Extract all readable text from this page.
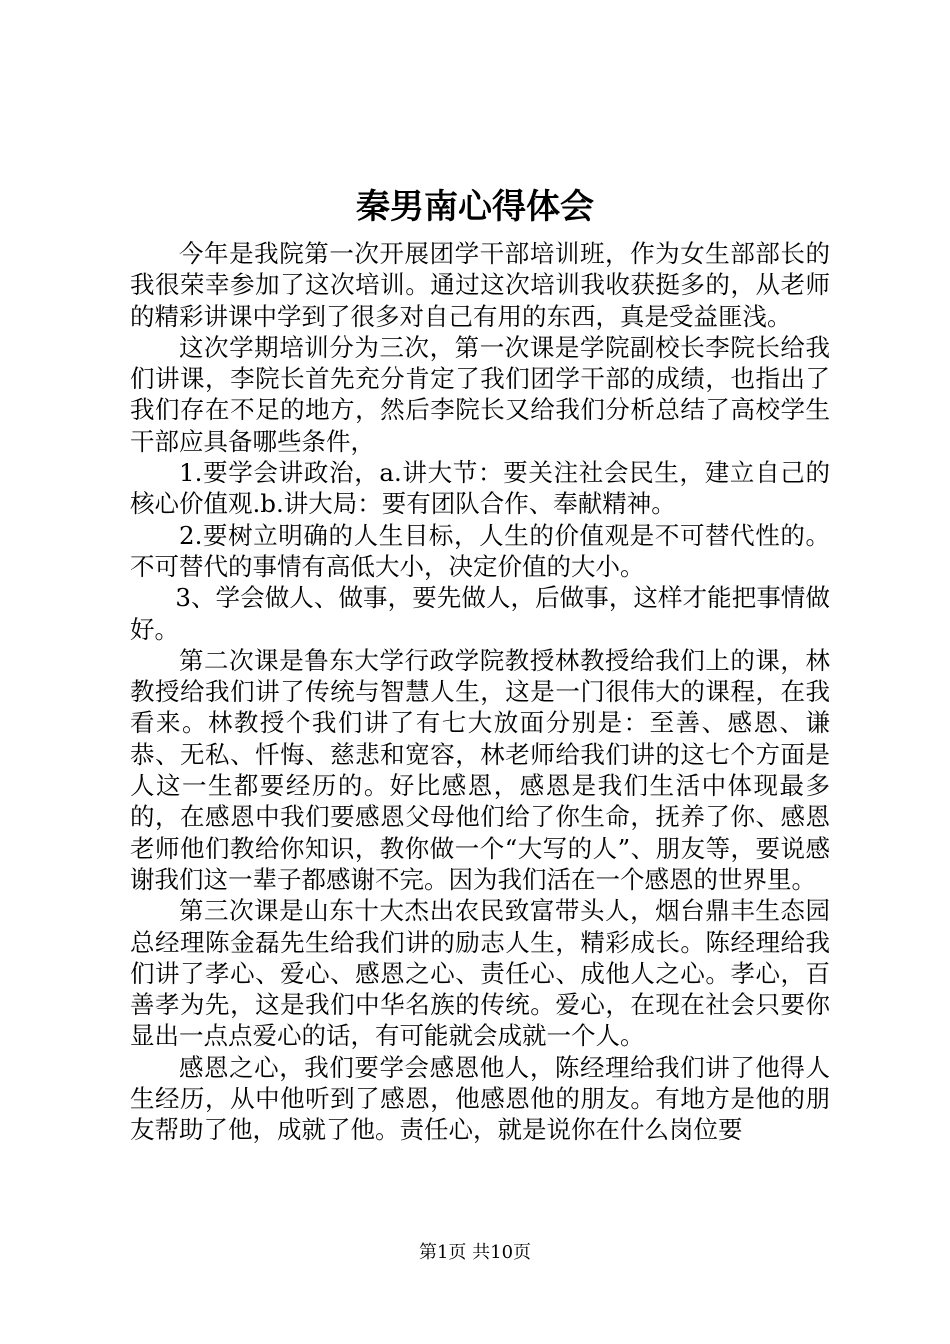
秦男南心得体会

今年是我院第一次开展团学干部培训班，作为女生部部长的我很荣幸参加了这次培训。通过这次培训我收获挺多的，从老师的精彩讲课中学到了很多对自己有用的东西，真是受益匪浅。

这次学期培训分为三次，第一次课是学院副校长李院长给我们讲课，李院长首先充分肯定了我们团学干部的成绩，也指出了我们存在不足的地方，然后李院长又给我们分析总结了高校学生干部应具备哪些条件，

1.要学会讲政治，a.讲大节：要关注社会民生，建立自己的核心价值观.b.讲大局：要有团队合作、奉献精神。

2.要树立明确的人生目标，人生的价值观是不可替代性的。不可替代的事情有高低大小，决定价值的大小。

3、学会做人、做事，要先做人，后做事，这样才能把事情做好。

第二次课是鲁东大学行政学院教授林教授给我们上的课，林教授给我们讲了传统与智慧人生，这是一门很伟大的课程，在我看来。林教授个我们讲了有七大放面分别是：至善、感恩、谦恭、无私、忏悔、慈悲和宽容，林老师给我们讲的这七个方面是人这一生都要经历的。好比感恩，感恩是我们生活中体现最多的，在感恩中我们要感恩父母他们给了你生命，抚养了你、感恩老师他们教给你知识，教你做一个“大写的人”、朋友等，要说感谢我们这一辈子都感谢不完。因为我们活在一个感恩的世界里。

第三次课是山东十大杰出农民致富带头人，烟台鼎丰生态园总经理陈金磊先生给我们讲的励志人生，精彩成长。陈经理给我们讲了孝心、爱心、感恩之心、责任心、成他人之心。孝心，百善孝为先，这是我们中华名族的传统。爱心，在现在社会只要你显出一点点爱心的话，有可能就会成就一个人。

感恩之心，我们要学会感恩他人，陈经理给我们讲了他得人生经历，从中他听到了感恩，他感恩他的朋友。有地方是他的朋友帮助了他，成就了他。责任心，就是说你在什么岗位要

第1页 共10页
